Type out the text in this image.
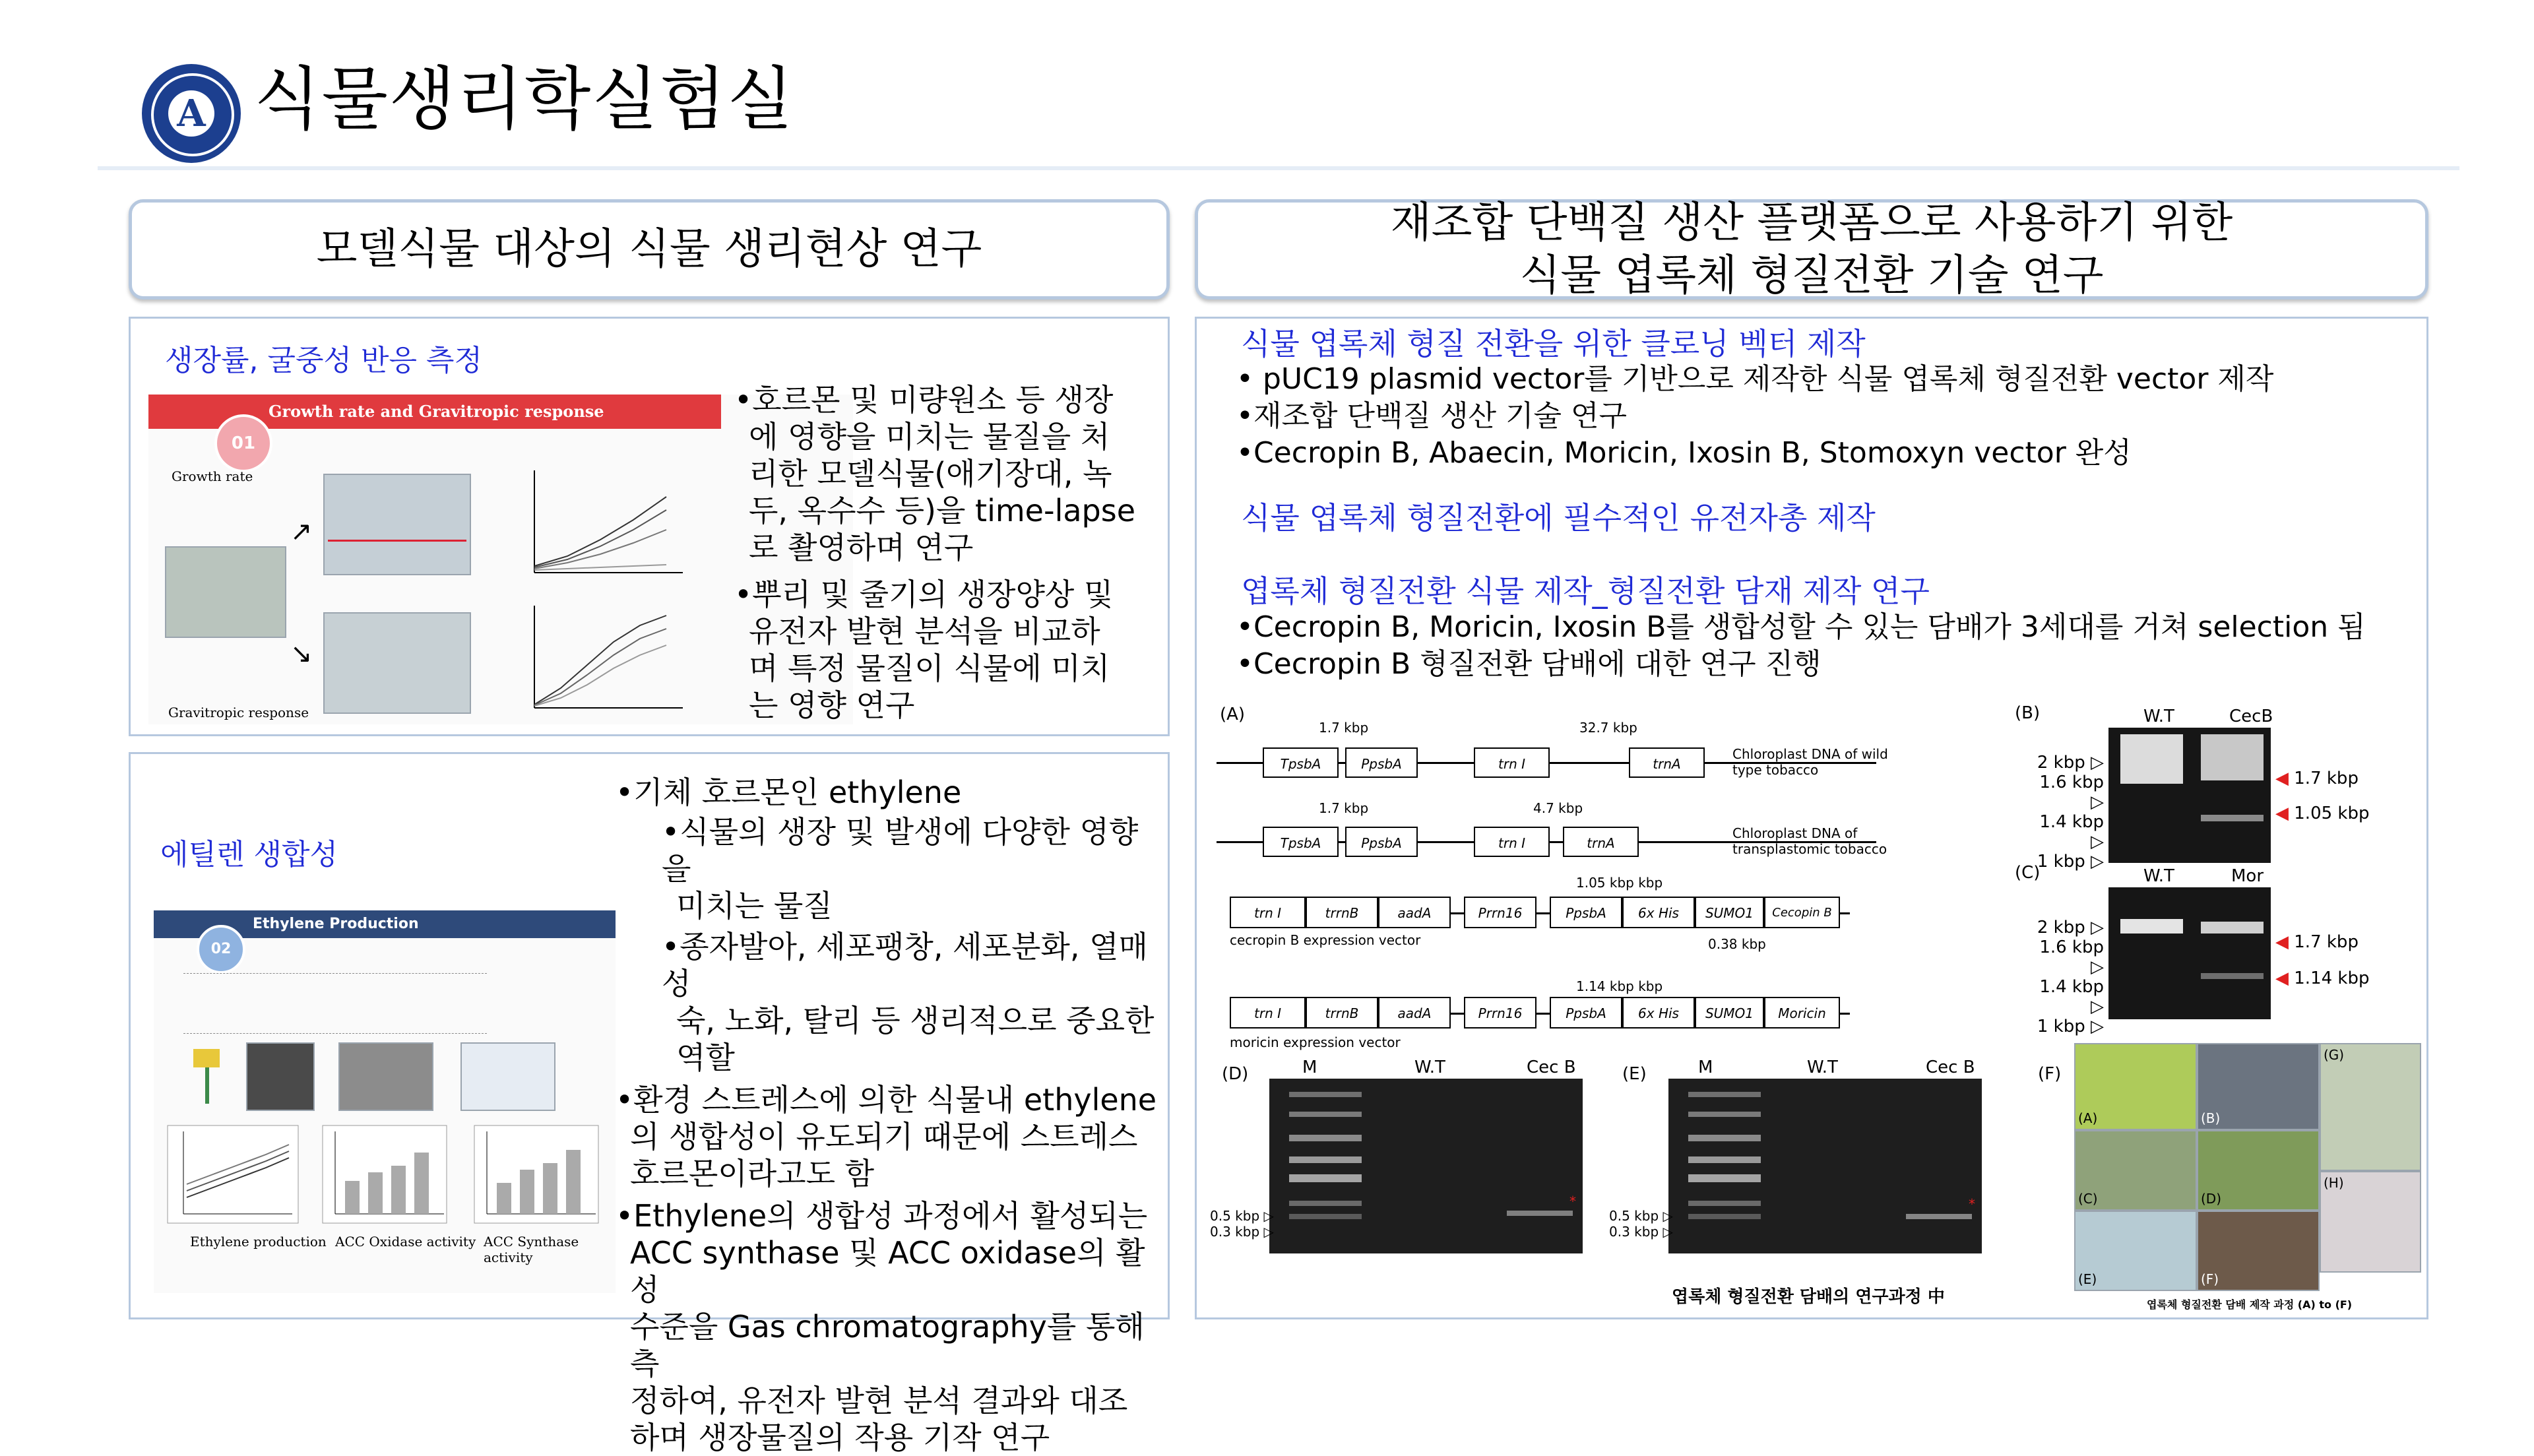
A 식물생리학실험실
모델식물 대상의 식물 생리현상 연구
재조합 단백질 생산 플랫폼으로 사용하기 위한
식물 엽록체 형질전환 기술 연구
생장률, 굴중성 반응 측정
Growth rate and Gravitropic response
01
Growth rate
↗
↘
Gravitropic response
•호르몬 및 미량원소 등 생장
에 영향을 미치는 물질을 처
리한 모델식물(애기장대, 녹
두, 옥수수 등)을 time-lapse
로 촬영하며 연구
•뿌리 및 줄기의 생장양상 및
유전자 발현 분석을 비교하
며 특정 물질이 식물에 미치
는 영향 연구
에틸렌 생합성
Ethylene Production
02
Ethylene production ACC Oxidase activity ACC Synthase activity
•기체 호르몬인 ethylene
•식물의 생장 및 발생에 다양한 영향을
미치는 물질
•종자발아, 세포팽창, 세포분화, 열매성
숙, 노화, 탈리 등 생리적으로 중요한
역할
•환경 스트레스에 의한 식물내 ethylene
의 생합성이 유도되기 때문에 스트레스
호르몬이라고도 함
•Ethylene의 생합성 과정에서 활성되는
ACC synthase 및 ACC oxidase의 활성
수준을 Gas chromatography를 통해 측
정하여, 유전자 발현 분석 결과와 대조
하며 생장물질의 작용 기작 연구
식물 엽록체 형질 전환을 위한 클로닝 벡터 제작
• pUC19 plasmid vector를 기반으로 제작한 식물 엽록체 형질전환 vector 제작
•재조합 단백질 생산 기술 연구
•Cecropin B, Abaecin, Moricin, Ixosin B, Stomoxyn vector 완성
식물 엽록체 형질전환에 필수적인 유전자총 제작
엽록체 형질전환 식물 제작_형질전환 담재 제작 연구
•Cecropin B, Moricin, Ixosin B를 생합성할 수 있는 담배가 3세대를 거쳐 selection 됨
•Cecropin B 형질전환 담배에 대한 연구 진행
(A)
1.7 kbp	32.7 kbp
TpsbA	PpsbA	trn I	trnA
Chloroplast DNA of wild type tobacco
1.7 kbp	4.7 kbp
TpsbA	PpsbA	trn I	trnA
Chloroplast DNA of transplastomic tobacco
1.05 kbp kbp
trn I	trrnB	aadA	Prrn16	PpsbA	6x His	SUMO1	Cecopin B
cecropin B expression vector	0.38 kbp
1.14 kbp kbp
trn I	trrnB	aadA	Prrn16	PpsbA	6x His	SUMO1	Moricin
moricin expression vector
(B)	W.T	CecB
2 kbp ▷
1.6 kbp ▷
1.4 kbp ▷
1 kbp ▷
◀ 1.7 kbp
◀ 1.05 kbp
(C)	W.T	Mor
2 kbp ▷
1.6 kbp ▷
1.4 kbp ▷
1 kbp ▷
◀ 1.7 kbp
◀ 1.14 kbp
(D)	M	W.T	Cec B
*
0.5 kbp ▷
0.3 kbp ▷
(E)	M	W.T	Cec B
*
0.5 kbp ▷
0.3 kbp ▷
엽록체 형질전환 담배의 연구과정 中
(F)
(A)	(B)
(G)
(C)	(D)
(H)
(E)	(F)
엽록체 형질전환 담배 제작 과정 (A) to (F)
